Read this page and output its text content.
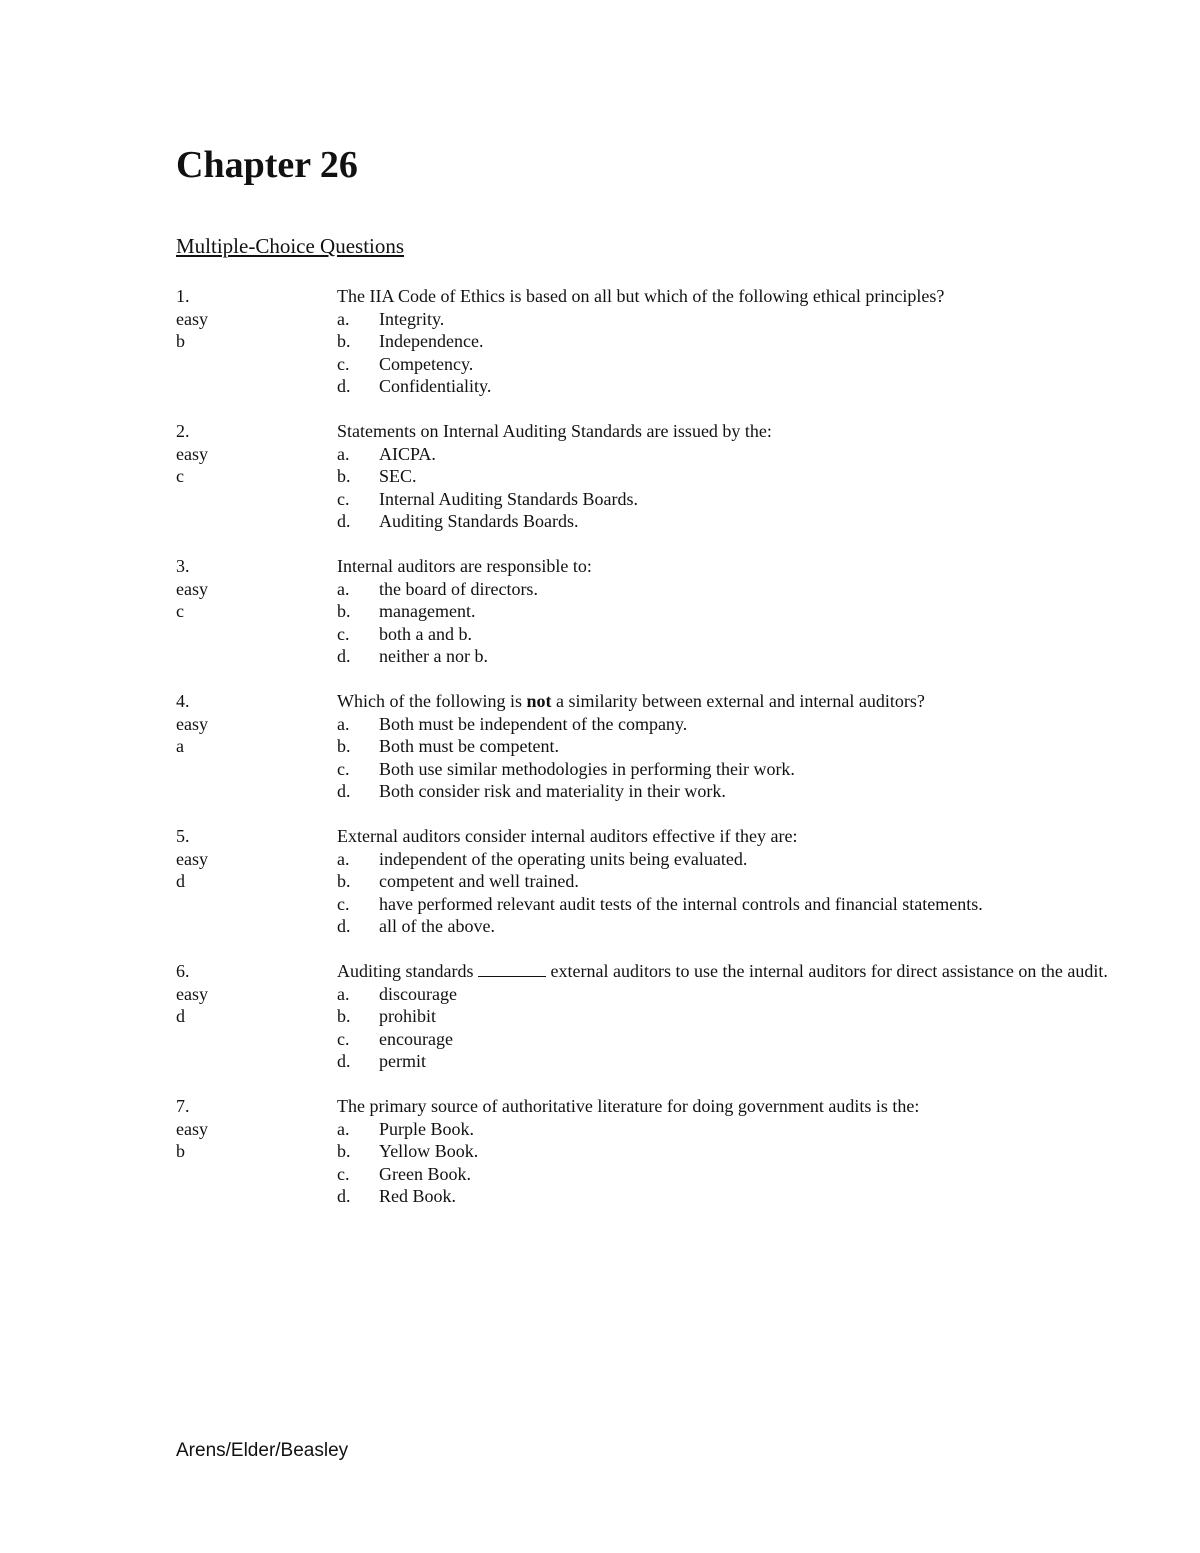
Chapter 26
Multiple-Choice Questions
1.
easy
b
The IIA Code of Ethics is based on all but which of the following ethical principles?
a.	Integrity.
b.	Independence.
c.	Competency.
d.	Confidentiality.
2.
easy
c
Statements on Internal Auditing Standards are issued by the:
a.	AICPA.
b.	SEC.
c.	Internal Auditing Standards Boards.
d.	Auditing Standards Boards.
3.
easy
c
Internal auditors are responsible to:
a.	the board of directors.
b.	management.
c.	both a and b.
d.	neither a nor b.
4.
easy
a
Which of the following is not a similarity between external and internal auditors?
a.	Both must be independent of the company.
b.	Both must be competent.
c.	Both use similar methodologies in performing their work.
d.	Both consider risk and materiality in their work.
5.
easy
d
External auditors consider internal auditors effective if they are:
a.	independent of the operating units being evaluated.
b.	competent and well trained.
c.	have performed relevant audit tests of the internal controls and financial statements.
d.	all of the above.
6.
easy
d
Auditing standards	external auditors to use the internal auditors for direct assistance on the audit.
a.	discourage
b.	prohibit
c.	encourage
d.	permit
7.
easy
b
The primary source of authoritative literature for doing government audits is the:
a.	Purple Book.
b.	Yellow Book.
c.	Green Book.
d.	Red Book.
Arens/Elder/Beasley
